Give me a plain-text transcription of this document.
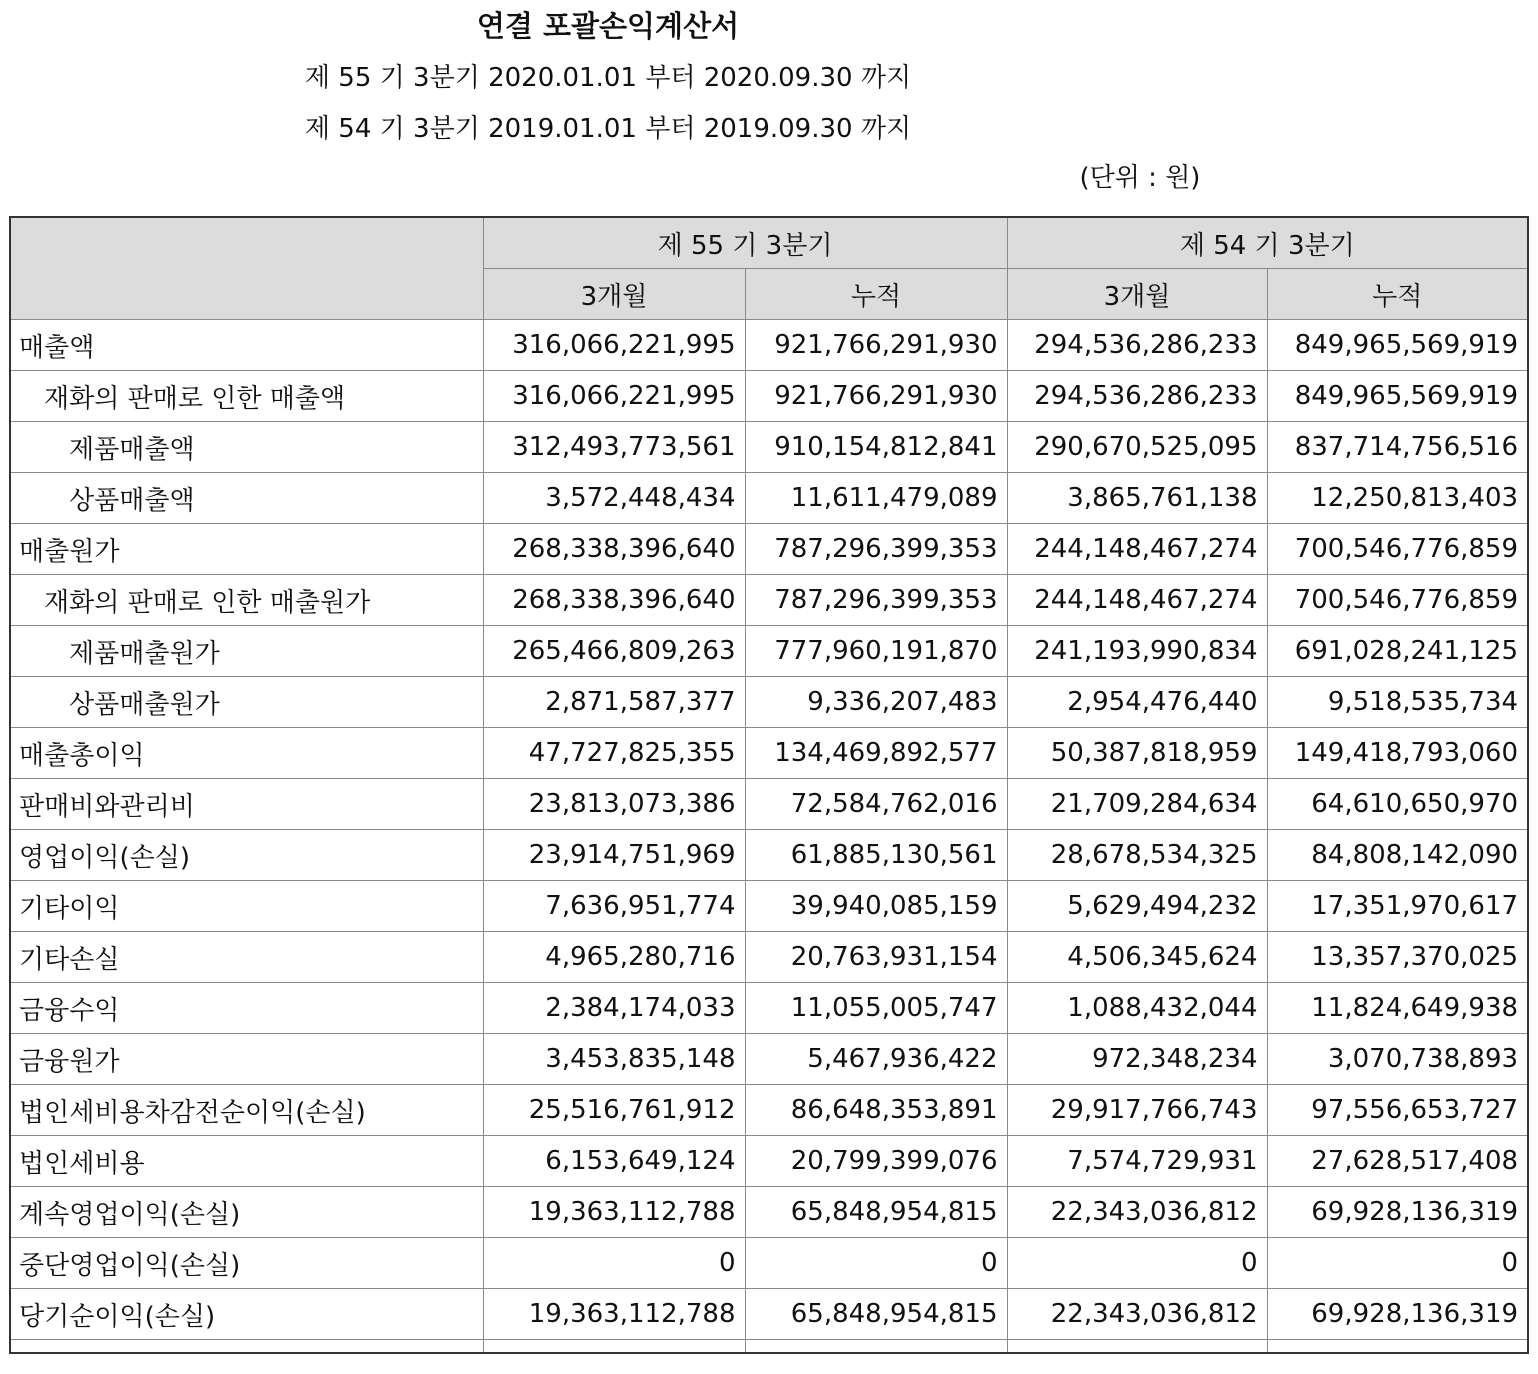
연결 포괄손익계산서
제 55 기 3분기 2020.01.01 부터 2020.09.30 까지
제 54 기 3분기 2019.01.01 부터 2019.09.30 까지
(단위 : 원)
	제 55 기 3분기		제 54 기 3분기	
	3개월	누적	3개월	누적
매출액	316,066,221,995	921,766,291,930	294,536,286,233	849,965,569,919
재화의 판매로 인한 매출액	316,066,221,995	921,766,291,930	294,536,286,233	849,965,569,919
제품매출액	312,493,773,561	910,154,812,841	290,670,525,095	837,714,756,516
상품매출액	3,572,448,434	11,611,479,089	3,865,761,138	12,250,813,403
매출원가	268,338,396,640	787,296,399,353	244,148,467,274	700,546,776,859
재화의 판매로 인한 매출원가	268,338,396,640	787,296,399,353	244,148,467,274	700,546,776,859
제품매출원가	265,466,809,263	777,960,191,870	241,193,990,834	691,028,241,125
상품매출원가	2,871,587,377	9,336,207,483	2,954,476,440	9,518,535,734
매출총이익	47,727,825,355	134,469,892,577	50,387,818,959	149,418,793,060
판매비와관리비	23,813,073,386	72,584,762,016	21,709,284,634	64,610,650,970
영업이익(손실)	23,914,751,969	61,885,130,561	28,678,534,325	84,808,142,090
기타이익	7,636,951,774	39,940,085,159	5,629,494,232	17,351,970,617
기타손실	4,965,280,716	20,763,931,154	4,506,345,624	13,357,370,025
금융수익	2,384,174,033	11,055,005,747	1,088,432,044	11,824,649,938
금융원가	3,453,835,148	5,467,936,422	972,348,234	3,070,738,893
법인세비용차감전순이익(손실)	25,516,761,912	86,648,353,891	29,917,766,743	97,556,653,727
법인세비용	6,153,649,124	20,799,399,076	7,574,729,931	27,628,517,408
계속영업이익(손실)	19,363,112,788	65,848,954,815	22,343,036,812	69,928,136,319
중단영업이익(손실)	0	0	0	0
당기순이익(손실)	19,363,112,788	65,848,954,815	22,343,036,812	69,928,136,319
